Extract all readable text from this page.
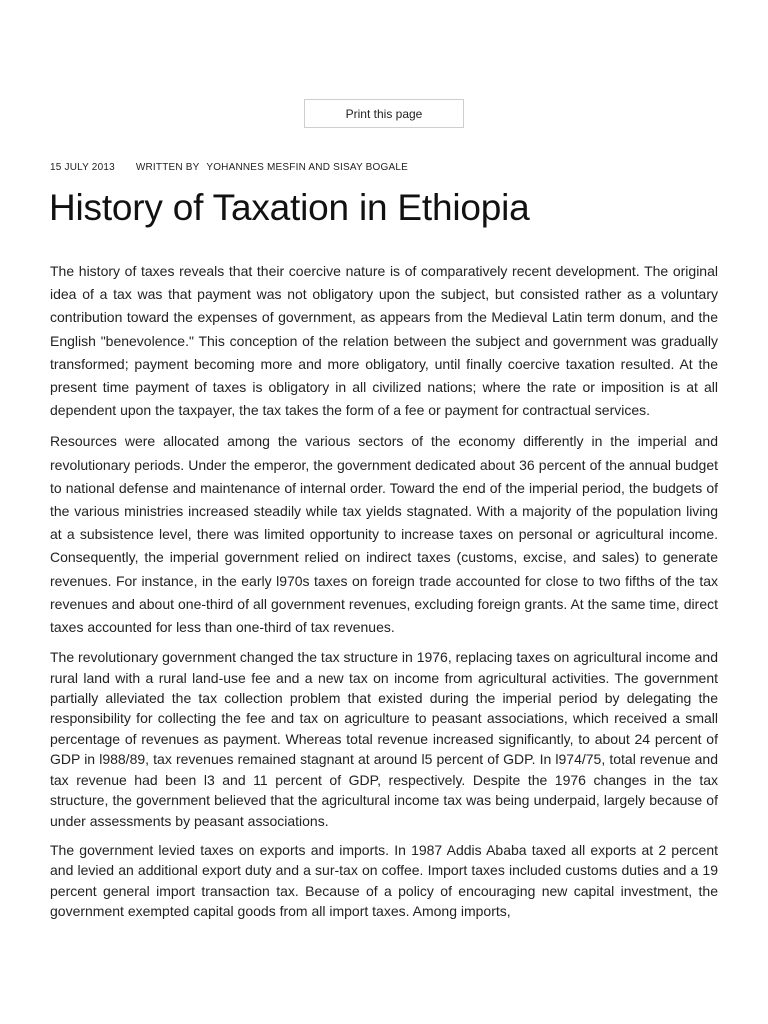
Print this page
15 JULY 2013 WRITTEN BY YOHANNES MESFIN AND SISAY BOGALE
History of Taxation in Ethiopia

The history of taxes reveals that their coercive nature is of comparatively recent development. The original idea of a tax was that payment was not obligatory upon the subject, but consisted rather as a voluntary contribution toward the expenses of government, as appears from the Medieval Latin term donum, and the English "benevolence." This conception of the relation between the subject and government was gradually transformed; payment becoming more and more obligatory, until finally coercive taxation resulted. At the present time payment of taxes is obligatory in all civilized nations; where the rate or imposition is at all dependent upon the taxpayer, the tax takes the form of a fee or payment for contractual services.

Resources were allocated among the various sectors of the economy differently in the imperial and revolutionary periods. Under the emperor, the government dedicated about 36 percent of the annual budget to national defense and maintenance of internal order. Toward the end of the imperial period, the budgets of the various ministries increased steadily while tax yields stagnated. With a majority of the population living at a subsistence level, there was limited opportunity to increase taxes on personal or agricultural income. Consequently, the imperial government relied on indirect taxes (customs, excise, and sales) to generate revenues. For instance, in the early l970s taxes on foreign trade accounted for close to two fifths of the tax revenues and about one-third of all government revenues, excluding foreign grants. At the same time, direct taxes accounted for less than one-third of tax revenues.

The revolutionary government changed the tax structure in 1976, replacing taxes on agricultural income and rural land with a rural land-use fee and a new tax on income from agricultural activities. The government partially alleviated the tax collection problem that existed during the imperial period by delegating the responsibility for collecting the fee and tax on agriculture to peasant associations, which received a small percentage of revenues as payment. Whereas total revenue increased significantly, to about 24 percent of GDP in l988/89, tax revenues remained stagnant at around l5 percent of GDP. In l974/75, total revenue and tax revenue had been l3 and 11 percent of GDP, respectively. Despite the 1976 changes in the tax structure, the government believed that the agricultural income tax was being underpaid, largely because of under assessments by peasant associations.

The government levied taxes on exports and imports. In 1987 Addis Ababa taxed all exports at 2 percent and levied an additional export duty and a sur-tax on coffee. Import taxes included customs duties and a 19 percent general import transaction tax. Because of a policy of encouraging new capital investment, the government exempted capital goods from all import taxes. Among imports,
